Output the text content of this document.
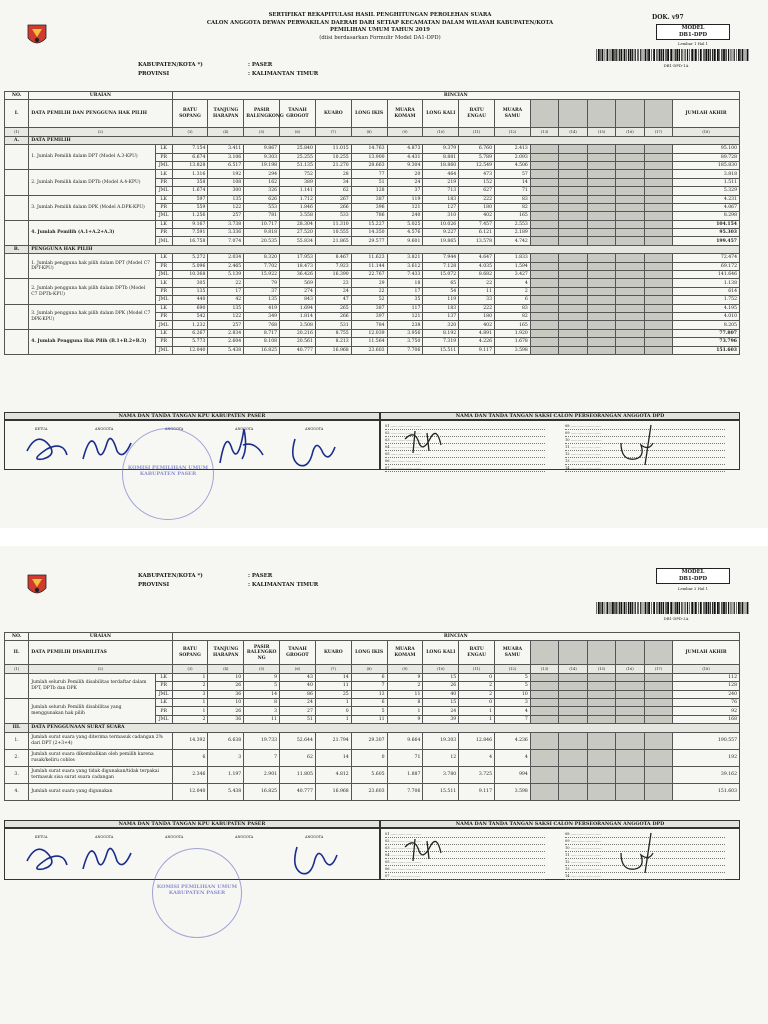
SERTIFIKAT REKAPITULASI HASIL PENGHITUNGAN PEROLEHAN SUARA
CALON ANGGOTA DEWAN PERWAKILAN DAERAH DARI SETIAP KECAMATAN DALAM WILAYAH KABUPATEN/KOTA
PEMILIHAN UMUM TAHUN 2019
(diisi berdasarkan Formulir Model DA1-DPD)
DOK. v97
MODEL
DB1-DPD
Lembar 1 Hal 1
DB1-DPD-1A
KABUPATEN/KOTA *)	: PASER
PROVINSI	: KALIMANTAN TIMUR
NO.	URAIAN		RINCIAN															
I.	DATA PEMILIH DAN PENGGUNA HAK PILIH		BATU SOPANG	TANJUNG HARAPAN	PASIR BALENGKONG	TANAH GROGOT	KUARO	LONG IKIS	MUARA KOMAM	LONG KALI	BATU ENGAU	MUARA SAMU						JUMLAH AKHIR
(1)	(2)		(3)	(4)	(5)	(6)	(7)	(8)	(9)	(10)	(11)	(12)	(13)	(14)	(15)	(16)	(17)	(18)
A.	DATA PEMILIH																	
	1. Jumlah Pemilih dalam DPT (Model A.3-KPU)	LK	7.154	3.411	9.867	25.840	11.015	14.763	4.873	9.379	6.760	2.413						95.100
		PR	6.674	3.106	9.303	25.255	10.255	13.900	4.431	8.881	5.789	2.093						89.728
		JML	13.828	6.517	19.198	51.135	21.270	28.663	9.304	18.860	12.549	4.506						185.830
	2. Jumlah Pemilih dalam DPTb (Model A.4-KPU)	LK	1.316	192	294	752	28	77	20	464	473	57						3.818
		PR	358	108	162	389	34	51	24	219	152	14						1.511
		JML	1.674	300	326	1.141	62	128	37	713	627	71						5.329
	3. Jumlah Pemilih dalam DPK (Model A.DPK-KPU)	LK	597	135	626	1.712	267	387	119	183	222	83						4.231
		PR	559	122	553	1.846	266	396	121	127	180	82						4.067
		JML	1.256	257	781	3.558	533	786	240	310	402	165						8.298
	4. Jumlah Pemilih (A.1+A.2+A.3)	LK	9.167	3.738	10.717	28.304	11.310	15.227	5.025	10.026	7.457	2.553						104.154
		PR	7.591	3.336	9.818	27.520	10.555	14.350	4.576	9.227	6.121	2.189						95.303
		JML	16.758	7.074	20.535	55.834	21.865	29.577	9.601	19.865	13.578	4.742						199.457
B.	PENGGUNA HAK PILIH																	
	1. Jumlah pengguna hak pilih dalam DPT (Model C7 DPT-KPU)	LK	5.272	2.034	8.320	17.953	8.467	11.623	3.821	7.944	4.647	1.833						72.474
		PR	5.096	2.465	7.702	18.473	7.923	11.144	3.612	7.128	4.035	1.594						69.172
		JML	10.368	5.139	15.922	36.426	16.390	22.767	7.433	15.072	8.682	3.427						141.646
	2. Jumlah pengguna hak pilih dalam DPTb (Model C7 DPTb-KPU)	LK	305	22	79	569	23	29	18	65	22	4						1.138
		PR	135	17	37	274	24	22	17	54	11	2						614
		JML	440	42	135	843	47	52	35	119	33	6						1.752
	3. Jumlah pengguna hak pilih dalam DPK (Model C7 DPK-KPU)	LK	690	135	419	1.694	265	387	117	183	222	83						4.195
		PR	542	122	349	1.814	266	397	121	137	180	82						4.010
		JML	1.232	257	768	3.508	531	784	238	320	402	165						8.205
	4. Jumlah Pengguna Hak Pilih (B.1+B.2+B.3)	LK	6.267	2.834	8.717	20.216	8.755	12.039	3.956	8.192	4.891	1.920						77.807
		PR	5.773	2.604	8.108	20.561	8.213	11.564	3.750	7.319	4.226	1.678						73.796
		JML	12.040	5.438	16.825	40.777	16.968	23.603	7.706	15.511	9.117	3.598						151.603
NAMA DAN TANDA TANGAN KPU KABUPATEN PASER	NAMA DAN TANDA TANGAN SAKSI CALON PERSEORANGAN ANGGOTA DPD
KETUA	ANGGOTA	ANGGOTA	ANGGOTA	ANGGOTA
KOMISI PEMILIHAN UMUM
KABUPATEN PASER
01 ...........................
02 ...........................
03 ...........................
04 ...........................
05 ...........................
06 ...........................
07 ...........................
08 ...........................
09 ...........................
10 ...........................
11 ...........................
12 ...........................
13 ...........................
14 ...........................
KABUPATEN/KOTA *)	: PASER
PROVINSI	: KALIMANTAN TIMUR
MODEL
DB1-DPD
Lembar 2 Hal 1
DB1-DPD-2A
NO.	URAIAN		RINCIAN															
II.	DATA PEMILIH DISABILITAS		BATU SOPANG	TANJUNG HARAPAN	PASIR BALENGKO NG	TANAH GROGOT	KUARO	LONG IKIS	MUARA KOMAM	LONG KALI	BATU ENGAU	MUARA SAMU						JUMLAH AKHIR
(1)	(2)		(3)	(4)	(5)	(6)	(7)	(8)	(9)	(10)	(11)	(12)	(13)	(14)	(15)	(16)	(17)	(18)
	Jumlah seluruh Pemilih disabilitas terdaftar dalam DPT, DPTb dan DPK	LK	1	10	9	43	14	6	9	15	0	5						112
		PR	2	26	5	40	11	7	2	26	2	5						128
		JML	3	36	14	86	25	13	11	40	2	10						240
	Jumlah seluruh Pemilih disabilitas yang menggunakan hak pilih	LK	1	10	8	24	1	6	8	15	0	3						76
		PR	1	26	3	27	0	5	1	24	1	4						92
		JML	2	36	11	51	1	11	9	39	1	7						168
III.	DATA PENGGUNAAN SURAT SUARA																	
1.	Jumlah surat suara yang diterima termasuk cadangan 2% dari DPT (2+3+4)		14.392	6.638	19.733	52.644	21.794	29.307	9.664	19.303	12.846	4.236						190.557
2.	Jumlah surat suara dikembalikan oleh pemilih karena rusak/keliru coblos		6	3	7	62	14	0	71	12	4	4						192
3.	Jumlah surat suara yang tidak digunakan/tidak terpakai termasuk sisa surat suara cadangan		2.346	1.197	2.901	11.805	4.812	5.605	1.887	3.780	3.725	994						39.162
4.	Jumlah surat suara yang digunakan		12.040	5.438	16.825	40.777	16.968	23.603	7.706	15.511	9.117	3.598						151.603
NAMA DAN TANDA TANGAN KPU KABUPATEN PASER	NAMA DAN TANDA TANGAN SAKSI CALON PERSEORANGAN ANGGOTA DPD
KETUA	ANGGOTA	ANGGOTA	ANGGOTA	ANGGOTA
KOMISI PEMILIHAN UMUM
KABUPATEN PASER
01 ...........................
02 ...........................
03 ...........................
04 ...........................
05 ...........................
06 ...........................
07 ...........................
08 ...........................
09 ...........................
10 ...........................
11 ...........................
12 ...........................
13 ...........................
14 ...........................
